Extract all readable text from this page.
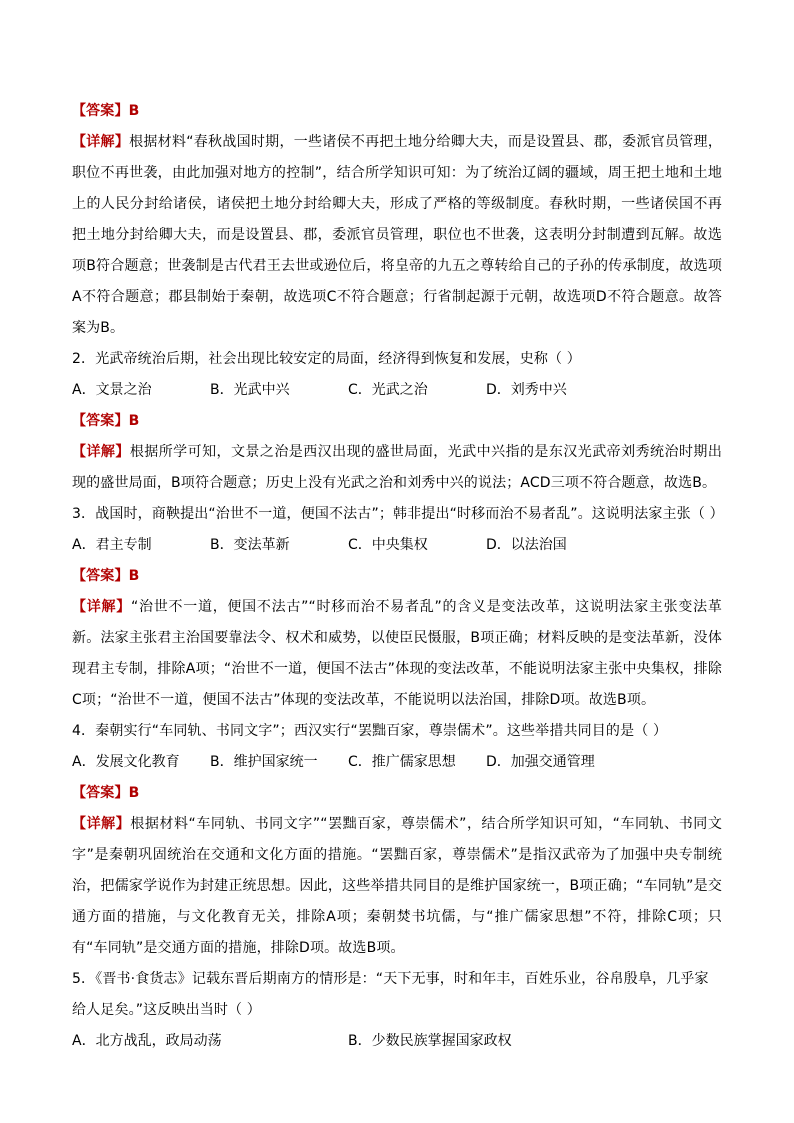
【答案】B
【详解】根据材料“春秋战国时期，一些诸侯不再把土地分给卿大夫，而是设置县、郡，委派官员管理，职位不再世袭，由此加强对地方的控制”，结合所学知识可知：为了统治辽阔的疆域，周王把土地和土地上的人民分封给诸侯，诸侯把土地分封给卿大夫，形成了严格的等级制度。春秋时期，一些诸侯国不再把土地分封给卿大夫，而是设置县、郡，委派官员管理，职位也不世袭，这表明分封制遭到瓦解。故选项B符合题意；世袭制是古代君王去世或逊位后，将皇帝的九五之尊转给自己的子孙的传承制度，故选项A不符合题意；郡县制始于秦朝，故选项C不符合题意；行省制起源于元朝，故选项D不符合题意。故答案为B。
2．光武帝统治后期，社会出现比较安定的局面，经济得到恢复和发展，史称（ ）
A．文景之治	B．光武中兴	C．光武之治	D．刘秀中兴
【答案】B
【详解】根据所学可知，文景之治是西汉出现的盛世局面，光武中兴指的是东汉光武帝刘秀统治时期出现的盛世局面，B项符合题意；历史上没有光武之治和刘秀中兴的说法；ACD三项不符合题意，故选B。
3．战国时，商鞅提出“治世不一道，便国不法古”；韩非提出“时移而治不易者乱”。这说明法家主张（ ）
A．君主专制	B．变法革新	C．中央集权	D．以法治国
【答案】B
【详解】“治世不一道，便国不法古”“时移而治不易者乱”的含义是变法改革，这说明法家主张变法革新。法家主张君主治国要靠法令、权术和威势，以使臣民慑服，B项正确；材料反映的是变法革新，没体现君主专制，排除A项；“治世不一道，便国不法古”体现的变法改革，不能说明法家主张中央集权，排除C项；“治世不一道，便国不法古”体现的变法改革，不能说明以法治国，排除D项。故选B项。
4．秦朝实行“车同轨、书同文字”；西汉实行“罢黜百家，尊崇儒术”。这些举措共同目的是（ ）
A．发展文化教育	B．维护国家统一	C．推广儒家思想	D．加强交通管理
【答案】B
【详解】根据材料“车同轨、书同文字”“罢黜百家，尊崇儒术”，结合所学知识可知，“车同轨、书同文字”是秦朝巩固统治在交通和文化方面的措施。“罢黜百家，尊崇儒术”是指汉武帝为了加强中央专制统治，把儒家学说作为封建正统思想。因此，这些举措共同目的是维护国家统一，B项正确；“车同轨”是交通方面的措施，与文化教育无关，排除A项；秦朝焚书坑儒，与“推广儒家思想”不符，排除C项；只有“车同轨”是交通方面的措施，排除D项。故选B项。
5．《晋书·食货志》记载东晋后期南方的情形是：“天下无事，时和年丰，百姓乐业，谷帛殷阜，几乎家给人足矣。”这反映出当时（ ）
A．北方战乱，政局动荡	B．少数民族掌握国家政权
